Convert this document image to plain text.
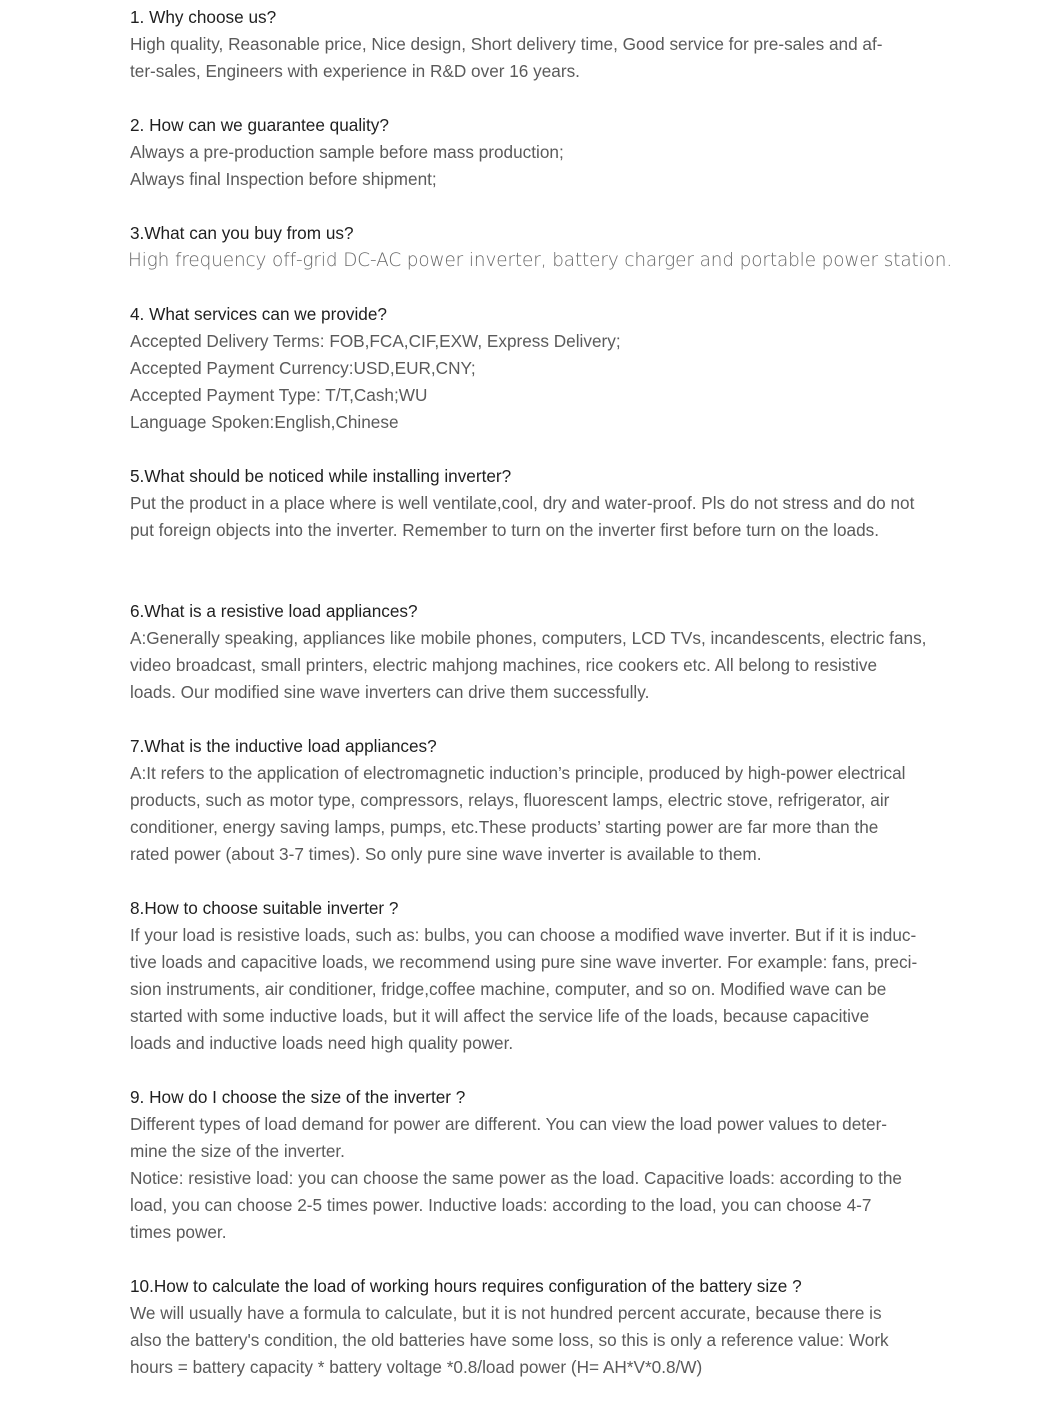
1. Why choose us?

High quality, Reasonable price, Nice design, Short delivery time, Good service for pre-sales and af-
ter-sales, Engineers with experience in R&D over 16 years.

2. How can we guarantee quality?

Always a pre-production sample before mass production;
Always final Inspection before shipment;

3.What can you buy from us?

High frequency off-grid DC-AC power inverter, battery charger and portable power station.

4. What services can we provide?

Accepted Delivery Terms: FOB,FCA,CIF,EXW, Express Delivery;
Accepted Payment Currency:USD,EUR,CNY;
Accepted Payment Type: T/T,Cash;WU
Language Spoken:English,Chinese

5.What should be noticed while installing inverter?

Put the product in a place where is well ventilate,cool, dry and water-proof. Pls do not stress and do not
put foreign objects into the inverter. Remember to turn on the inverter first before turn on the loads.

6.What is a resistive load appliances?

A:Generally speaking, appliances like mobile phones, computers, LCD TVs, incandescents, electric fans,
video broadcast, small printers, electric mahjong machines, rice cookers etc. All belong to resistive
loads. Our modified sine wave inverters can drive them successfully.

7.What is the inductive load appliances?

A:It refers to the application of electromagnetic induction’s principle, produced by high-power electrical
products, such as motor type, compressors, relays, fluorescent lamps, electric stove, refrigerator, air
conditioner, energy saving lamps, pumps, etc.These products’ starting power are far more than the
rated power (about 3-7 times). So only pure sine wave inverter is available to them.

8.How to choose suitable inverter ?

If your load is resistive loads, such as: bulbs, you can choose a modified wave inverter. But if it is induc-
tive loads and capacitive loads, we recommend using pure sine wave inverter. For example: fans, preci-
sion instruments, air conditioner, fridge,coffee machine, computer, and so on. Modified wave can be
started with some inductive loads, but it will affect the service life of the loads, because capacitive
loads and inductive loads need high quality power.

9. How do I choose the size of the inverter ?

Different types of load demand for power are different. You can view the load power values to deter-
mine the size of the inverter.
Notice: resistive load: you can choose the same power as the load. Capacitive loads: according to the
load, you can choose 2-5 times power. Inductive loads: according to the load, you can choose 4-7
times power.

10.How to calculate the load of working hours requires configuration of the battery size ?

We will usually have a formula to calculate, but it is not hundred percent accurate, because there is
also the battery's condition, the old batteries have some loss, so this is only a reference value: Work
hours = battery capacity * battery voltage *0.8/load power (H= AH*V*0.8/W)
